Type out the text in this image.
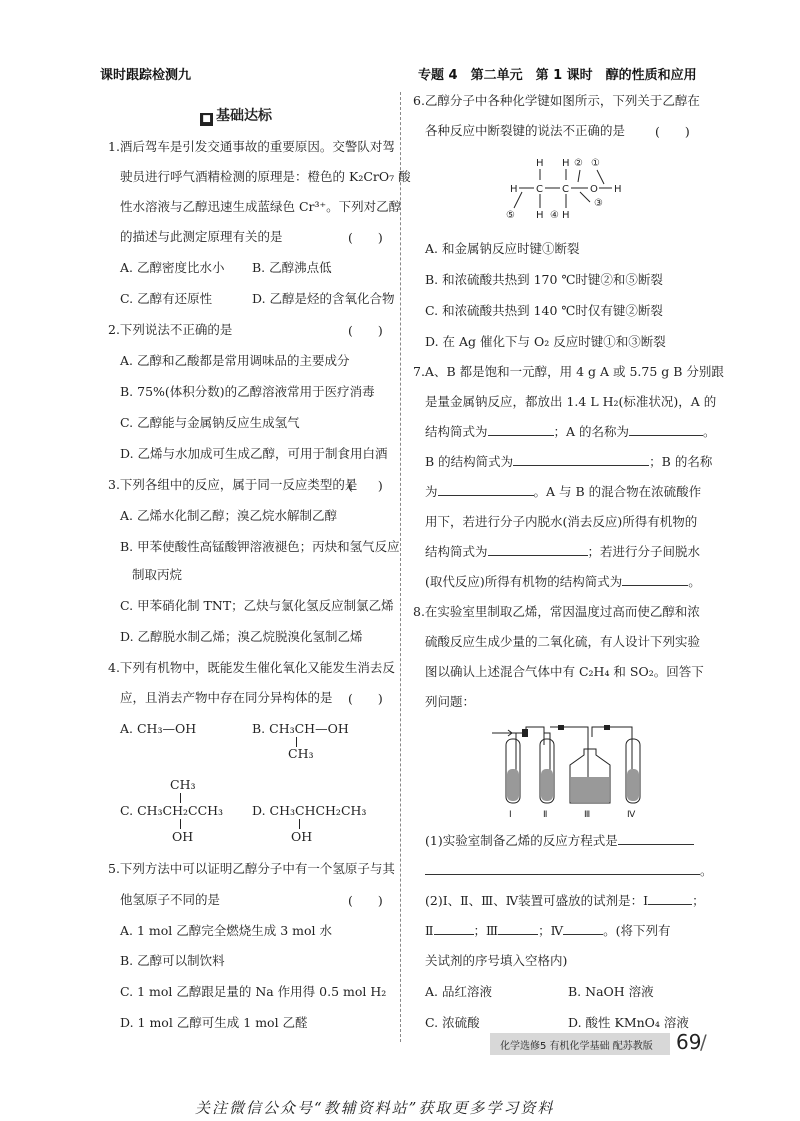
课时跟踪检测九	专题 4　第二单元　第 1 课时　醇的性质和应用
■ 基础达标
1.酒后驾车是引发交通事故的重要原因。交警队对驾
驶员进行呼气酒精检测的原理是：橙色的 K₂CrO₇ 酸
性水溶液与乙醇迅速生成蓝绿色 Cr³⁺。下列对乙醇
的描述与此测定原理有关的是	(　　)
A. 乙醇密度比水小 B. 乙醇沸点低
C. 乙醇有还原性	D. 乙醇是烃的含氧化合物
2.下列说法不正确的是	(　　)
A. 乙醇和乙酸都是常用调味品的主要成分
B. 75%(体积分数)的乙醇溶液常用于医疗消毒
C. 乙醇能与金属钠反应生成氢气
D. 乙烯与水加成可生成乙醇，可用于制食用白酒
3.下列各组中的反应，属于同一反应类型的是
(　　)
A. 乙烯水化制乙醇；溴乙烷水解制乙醇
B. 甲苯使酸性高锰酸钾溶液褪色；丙炔和氢气反应
制取丙烷
C. 甲苯硝化制 TNT；乙炔与氯化氢反应制氯乙烯
D. 乙醇脱水制乙烯；溴乙烷脱溴化氢制乙烯
4.下列有机物中，既能发生催化氧化又能发生消去反
应，且消去产物中存在同分异构体的是 (　　)
A. CH₃—OH	B. CH₃CH—OH
CH₃
CH₃
C. CH₃CH₂CCH₃
OH
D. CH₃CHCH₂CH₃
OH
5.下列方法中可以证明乙醇分子中有一个氢原子与其
他氢原子不同的是	(　　)
A. 1 mol 乙醇完全燃烧生成 3 mol 水
B. 乙醇可以制饮料
C. 1 mol 乙醇跟足量的 Na 作用得 0.5 mol H₂
D. 1 mol 乙醇可生成 1 mol 乙醛
6.乙醇分子中各种化学键如图所示，下列关于乙醇在
各种反应中断裂键的说法不正确的是 (　　)
H H ② ①
H C C O H
⑤ H ④ H
③
A. 和金属钠反应时键①断裂
B. 和浓硫酸共热到 170 ℃时键②和⑤断裂
C. 和浓硫酸共热到 140 ℃时仅有键②断裂
D. 在 Ag 催化下与 O₂ 反应时键①和③断裂
7.A、B 都是饱和一元醇，用 4 g A 或 5.75 g B 分别跟
是量金属钠反应，都放出 1.4 L H₂(标准状况)，A 的
结构简式为	；A 的名称为	。
B 的结构简式为	；B 的名称
为	。A 与 B 的混合物在浓硫酸作
用下，若进行分子内脱水(消去反应)所得有机物的
结构简式为	；若进行分子间脱水
(取代反应)所得有机物的结构简式为	。
8.在实验室里制取乙烯，常因温度过高而使乙醇和浓
硫酸反应生成少量的二氧化硫，有人设计下列实验
图以确认上述混合气体中有 C₂H₄ 和 SO₂。回答下
列问题：
Ⅰ	Ⅱ	Ⅲ	Ⅳ
(1)实验室制备乙烯的反应方程式是
。
(2)Ⅰ、Ⅱ、Ⅲ、Ⅳ装置可盛放的试剂是：Ⅰ	；
Ⅱ	；Ⅲ	；Ⅳ	。(将下列有
关试剂的序号填入空格内)
A. 品红溶液	B. NaOH 溶液
C. 浓硫酸	D. 酸性 KMnO₄ 溶液
化学选修5 有机化学基础 配苏教版 69
/
关注微信公众号“教辅资料站”获取更多学习资料
